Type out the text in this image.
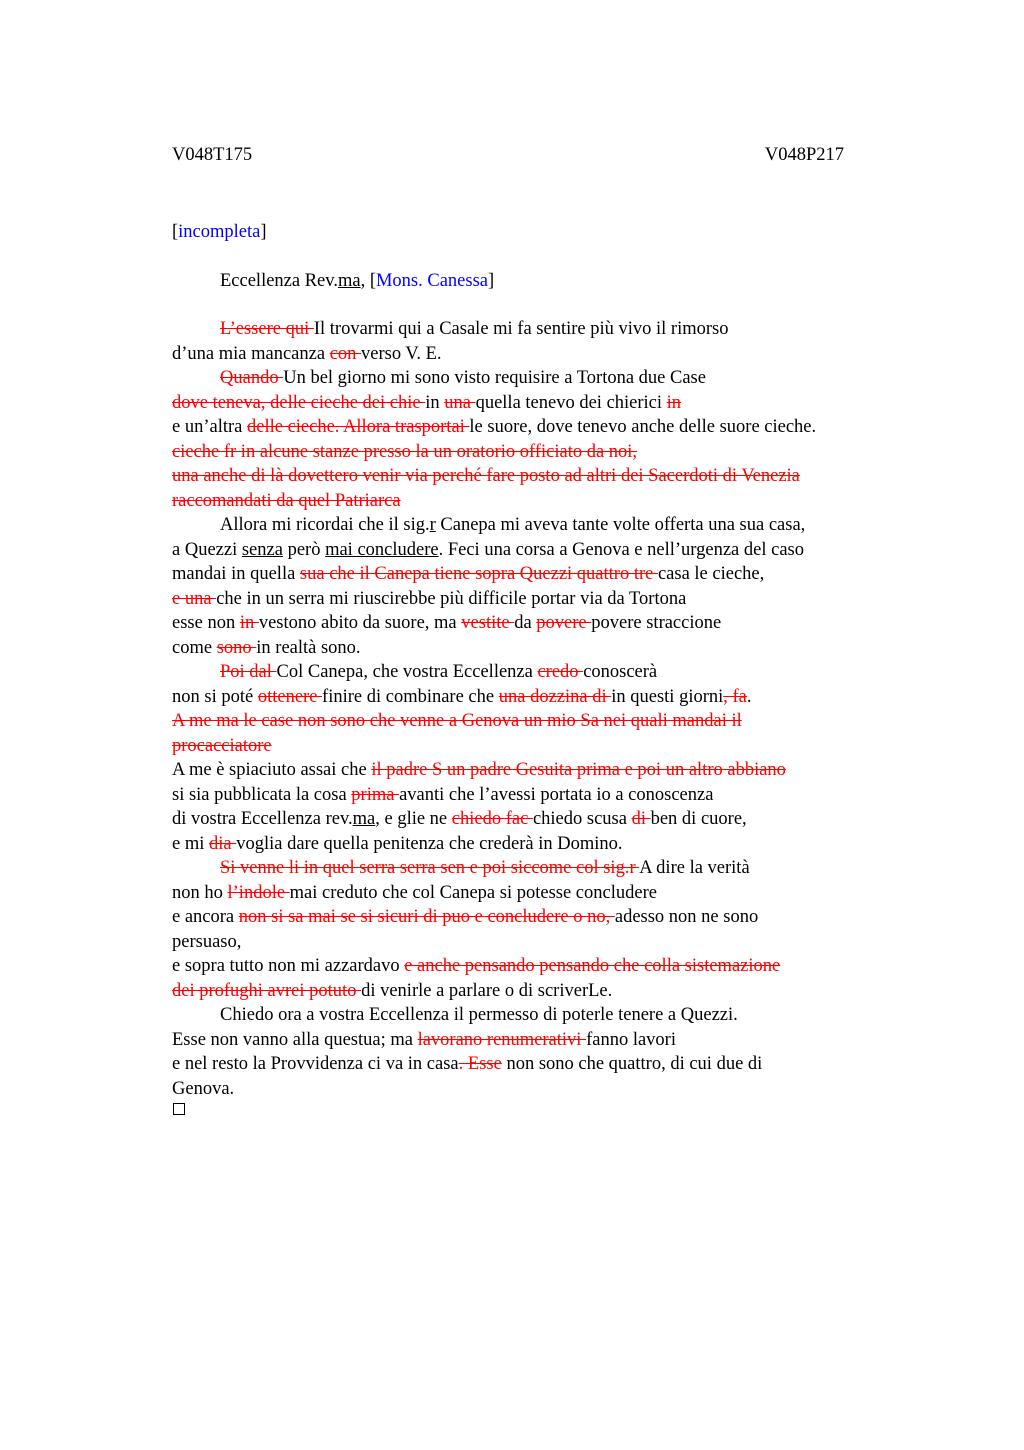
V048T175	V048P217
[incompleta]
Eccellenza Rev.ma, [Mons. Canessa]
L’essere qui Il trovarmi qui a Casale mi fa sentire più vivo il rimorso
d’una mia mancanza con verso V. E.
Quando Un bel giorno mi sono visto requisire a Tortona due Case
dove teneva, delle cieche dei chie in una quella tenevo dei chierici in
e un’altra delle cieche. Allora trasportai le suore, dove tenevo anche delle suore cieche.
cieche fr in alcune stanze presso la un oratorio officiato da noi,
una anche di là dovettero venir via perché fare posto ad altri dei Sacerdoti di Venezia
raccomandati da quel Patriarca
Allora mi ricordai che il sig.r Canepa mi aveva tante volte offerta una sua casa,
a Quezzi senza però mai concludere. Feci una corsa a Genova e nell’urgenza del caso
mandai in quella sua che il Canepa tiene sopra Quezzi quattro tre casa le cieche,
e una che in un serra mi riuscirebbe più difficile portar via da Tortona
esse non in vestono abito da suore, ma vestite da povere povere straccione
come sono in realtà sono.
Poi dal Col Canepa, che vostra Eccellenza credo conoscerà
non si poté ottenere finire di combinare che una dozzina di in questi giorni, fa.
A me ma le case non sono che venne a Genova un mio Sa nei quali mandai il
procacciatore
A me è spiaciuto assai che il padre S un padre Gesuita prima e poi un altro abbiano
si sia pubblicata la cosa prima avanti che l’avessi portata io a conoscenza
di vostra Eccellenza rev.ma, e glie ne chiedo fac chiedo scusa di ben di cuore,
e mi dia voglia dare quella penitenza che crederà in Domino.
Si venne li in quel serra serra sen e poi siccome col sig.r A dire la verità
non ho l’indole mai creduto che col Canepa si potesse concludere
e ancora non si sa mai se si sicuri di puo e concludere o no, adesso non ne sono
persuaso,
e sopra tutto non mi azzardavo e anche pensando pensando che colla sistemazione
dei profughi avrei potuto di venirle a parlare o di scriverLe.
Chiedo ora a vostra Eccellenza il permesso di poterle tenere a Quezzi.
Esse non vanno alla questua; ma lavorano renumerativi fanno lavori
e nel resto la Provvidenza ci va in casa. Esse non sono che quattro, di cui due di
Genova.
